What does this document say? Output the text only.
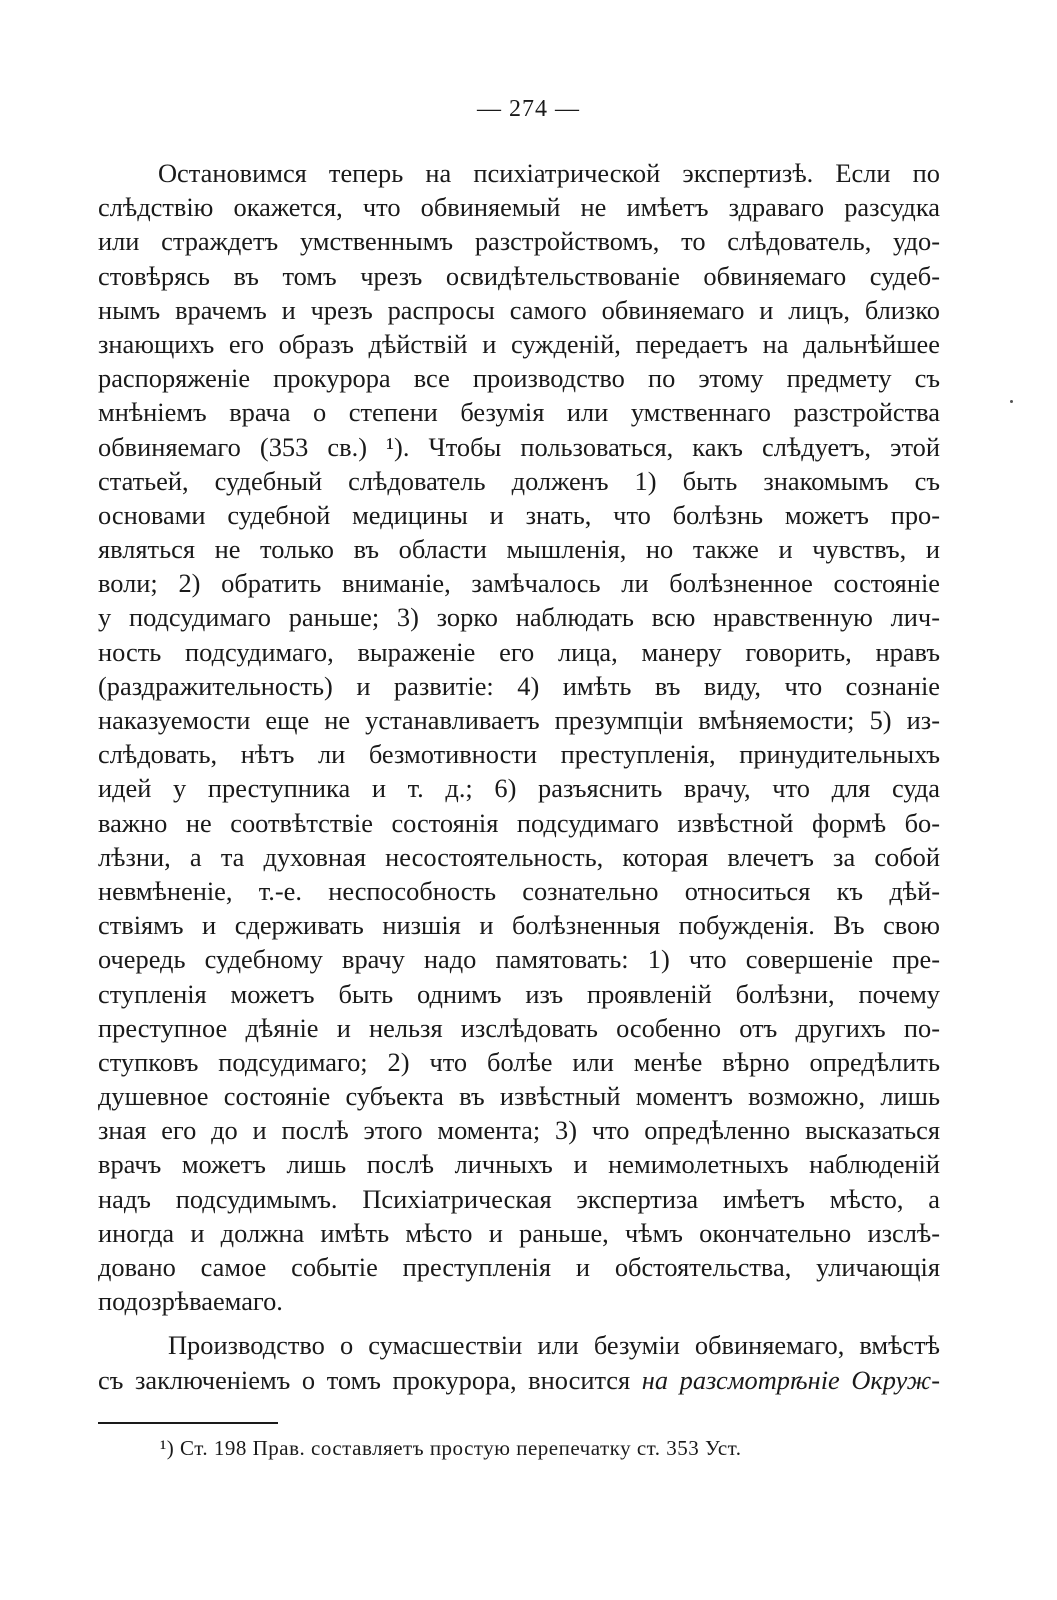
— 274 —
Остановимся теперь на психіатрической экспертизѣ. Если по
слѣдствію окажется, что обвиняемый не имѣетъ здраваго разсудка
или страждетъ умственнымъ разстройствомъ, то слѣдователь, удо-
стовѣрясь въ томъ чрезъ освидѣтельствованіе обвиняемаго судеб-
нымъ врачемъ и чрезъ распросы самого обвиняемаго и лицъ, близко
знающихъ его образъ дѣйствій и сужденій, передаетъ на дальнѣйшее
распоряженіе прокурора все производство по этому предмету съ
мнѣніемъ врача о степени безумія или умственнаго разстройства
обвиняемаго (353 св.) ¹). Чтобы пользоваться, какъ слѣдуетъ, этой
статьей, судебный слѣдователь долженъ 1) быть знакомымъ съ
основами судебной медицины и знать, что болѣзнь можетъ про-
являться не только въ области мышленія, но также и чувствъ, и
воли; 2) обратить вниманіе, замѣчалось ли болѣзненное состояніе
у подсудимаго раньше; 3) зорко наблюдать всю нравственную лич-
ность подсудимаго, выраженіе его лица, манеру говорить, нравъ
(раздражительность) и развитіе: 4) имѣть въ виду, что сознаніе
наказуемости еще не устанавливаетъ презумпціи вмѣняемости; 5) из-
слѣдовать, нѣтъ ли безмотивности преступленія, принудительныхъ
идей у преступника и т. д.; 6) разъяснить врачу, что для суда
важно не соотвѣтствіе состоянія подсудимаго извѣстной формѣ бо-
лѣзни, а та духовная несостоятельность, которая влечетъ за собой
невмѣненіе, т.-е. неспособность сознательно относиться къ дѣй-
ствіямъ и сдерживать низшія и болѣзненныя побужденія. Въ свою
очередь судебному врачу надо памятовать: 1) что совершеніе пре-
ступленія можетъ быть однимъ изъ проявленій болѣзни, почему
преступное дѣяніе и нельзя изслѣдовать особенно отъ другихъ по-
ступковъ подсудимаго; 2) что болѣе или менѣе вѣрно опредѣлить
душевное состояніе субъекта въ извѣстный моментъ возможно, лишь
зная его до и послѣ этого момента; 3) что опредѣленно высказаться
врачъ можетъ лишь послѣ личныхъ и немимолетныхъ наблюденій
надъ подсудимымъ. Психіатрическая экспертиза имѣетъ мѣсто, а
иногда и должна имѣть мѣсто и раньше, чѣмъ окончательно изслѣ-
довано самое событіе преступленія и обстоятельства, уличающія
подозрѣваемаго.
Производство о сумасшествіи или безуміи обвиняемаго, вмѣстѣ
съ заключеніемъ о томъ прокурора, вносится на разсмотрѣніе Окруж-
¹) Ст. 198 Прав. составляетъ простую перепечатку ст. 353 Уст.
